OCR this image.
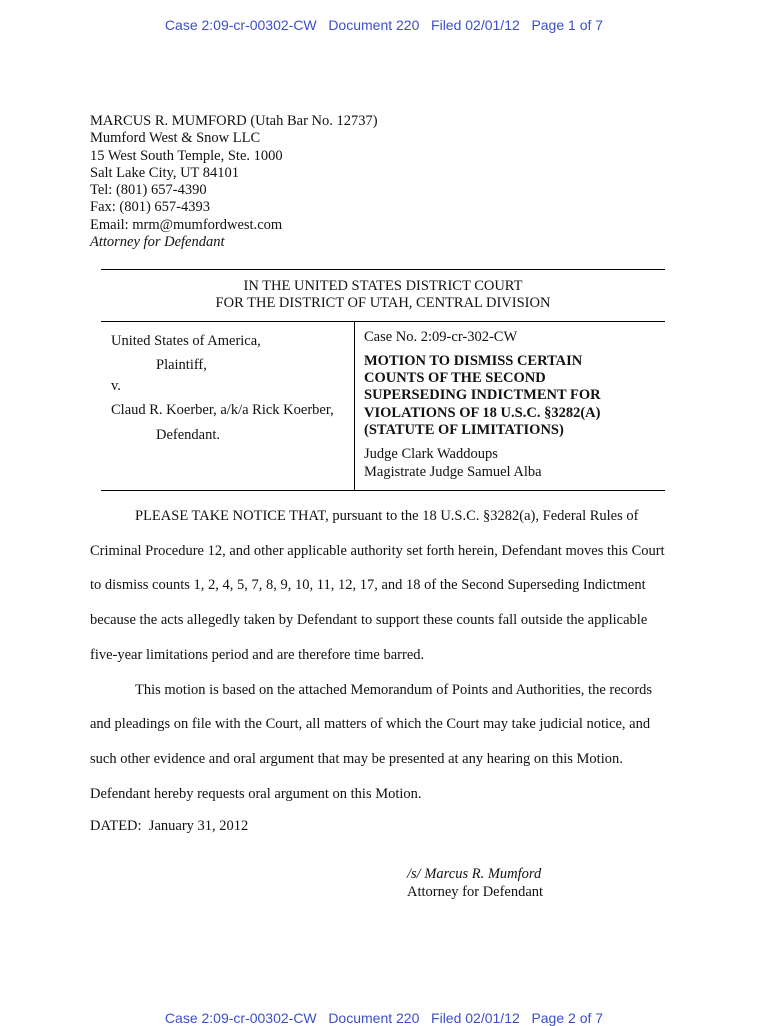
Case 2:09-cr-00302-CW   Document 220   Filed 02/01/12   Page 1 of 7
MARCUS R. MUMFORD (Utah Bar No. 12737)
Mumford West & Snow LLC
15 West South Temple, Ste. 1000
Salt Lake City, UT 84101
Tel: (801) 657-4390
Fax: (801) 657-4393
Email: mrm@mumfordwest.com
Attorney for Defendant
IN THE UNITED STATES DISTRICT COURT
FOR THE DISTRICT OF UTAH, CENTRAL DIVISION
United States of America,
Plaintiff,
v.
Claud R. Koerber, a/k/a Rick Koerber,
Defendant.
Case No. 2:09-cr-302-CW
MOTION TO DISMISS CERTAIN
COUNTS OF THE SECOND
SUPERSEDING INDICTMENT FOR
VIOLATIONS OF 18 U.S.C. §3282(A)
(STATUTE OF LIMITATIONS)
Judge Clark Waddoups
Magistrate Judge Samuel Alba

PLEASE TAKE NOTICE THAT, pursuant to the 18 U.S.C. §3282(a), Federal Rules of Criminal Procedure 12, and other applicable authority set forth herein, Defendant moves this Court to dismiss counts 1, 2, 4, 5, 7, 8, 9, 10, 11, 12, 17, and 18 of the Second Superseding Indictment because the acts allegedly taken by Defendant to support these counts fall outside the applicable five-year limitations period and are therefore time barred.

This motion is based on the attached Memorandum of Points and Authorities, the records and pleadings on file with the Court, all matters of which the Court may take judicial notice, and such other evidence and oral argument that may be presented at any hearing on this Motion. Defendant hereby requests oral argument on this Motion.

DATED:  January 31, 2012
/s/ Marcus R. Mumford
Attorney for Defendant
Case 2:09-cr-00302-CW   Document 220   Filed 02/01/12   Page 2 of 7
